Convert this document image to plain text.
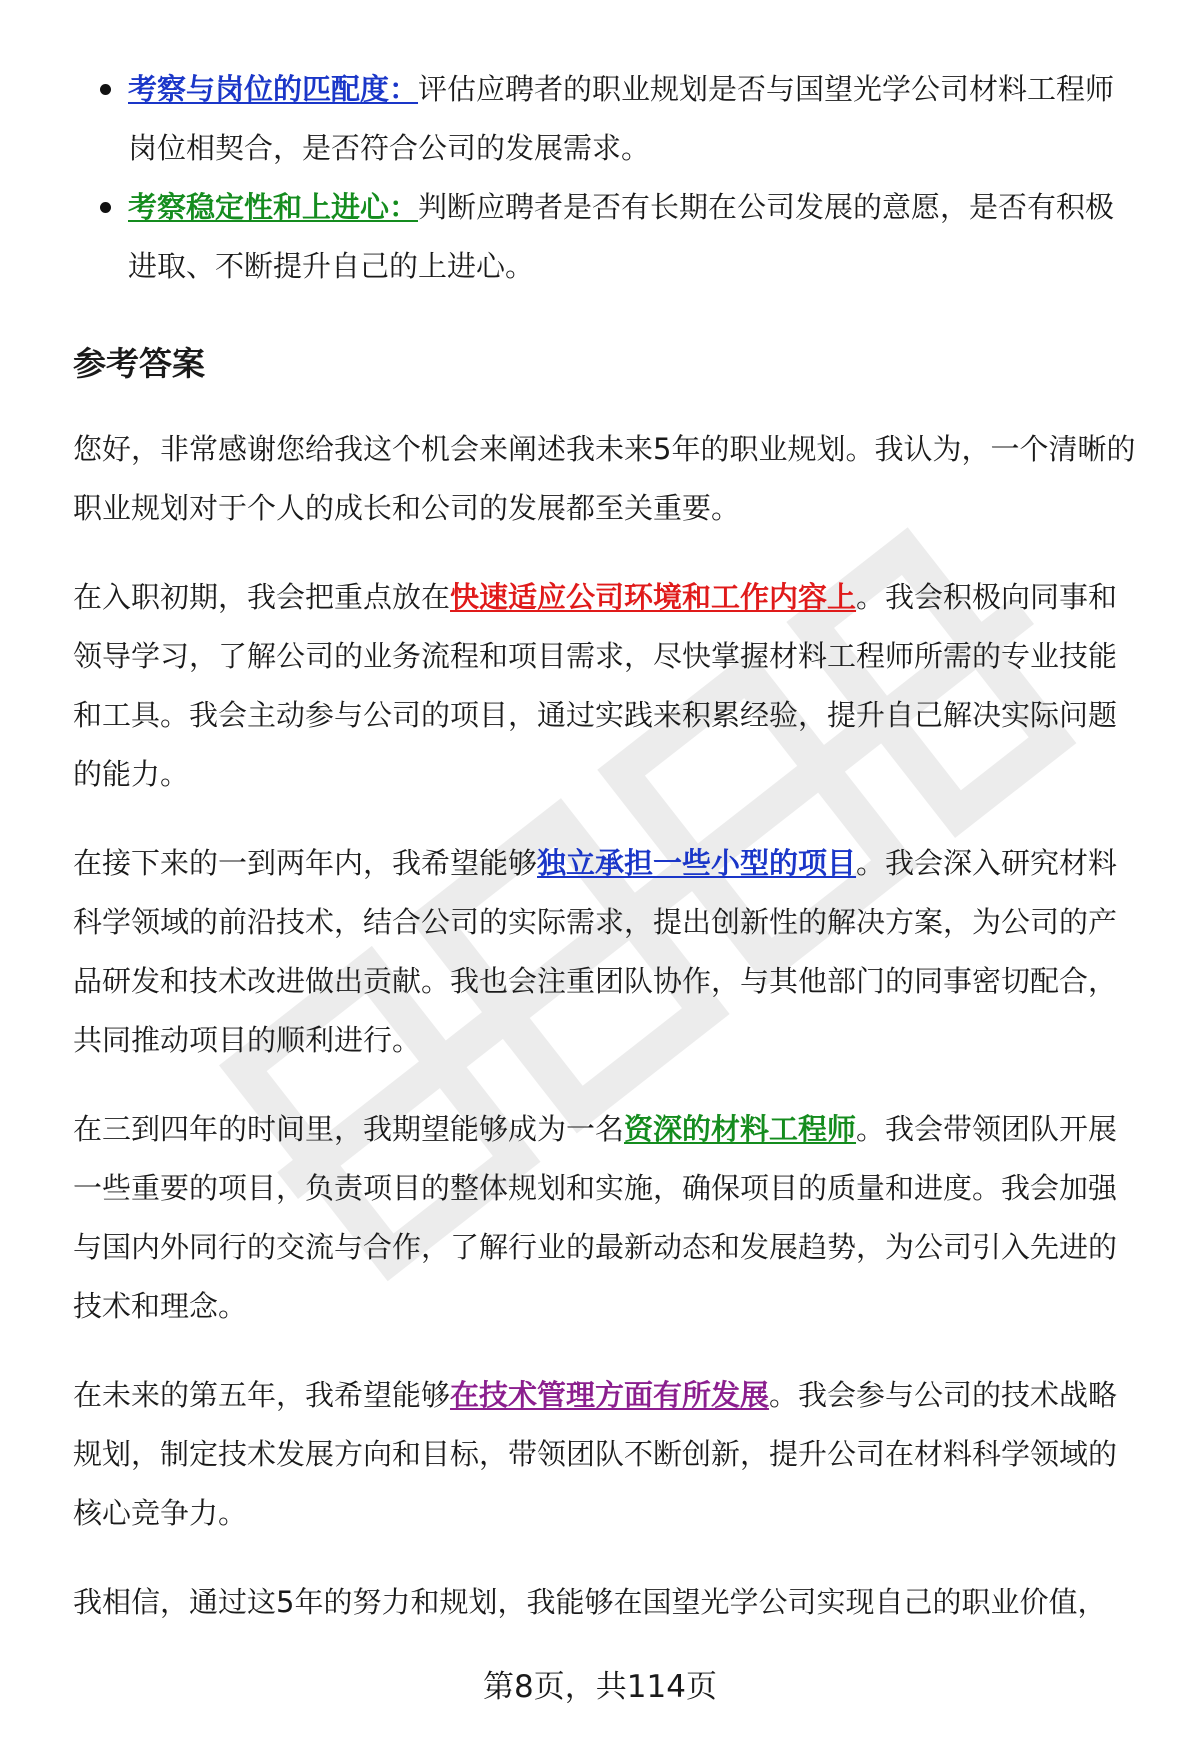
考察与岗位的匹配度：评估应聘者的职业规划是否与国望光学公司材料工程师岗位相契合，是否符合公司的发展需求。
考察稳定性和上进心：判断应聘者是否有长期在公司发展的意愿，是否有积极进取、不断提升自己的上进心。
参考答案

您好，非常感谢您给我这个机会来阐述我未来5年的职业规划。我认为，一个清晰的职业规划对于个人的成长和公司的发展都至关重要。

在入职初期，我会把重点放在快速适应公司环境和工作内容上。我会积极向同事和领导学习，了解公司的业务流程和项目需求，尽快掌握材料工程师所需的专业技能和工具。我会主动参与公司的项目，通过实践来积累经验，提升自己解决实际问题的能力。

在接下来的一到两年内，我希望能够独立承担一些小型的项目。我会深入研究材料科学领域的前沿技术，结合公司的实际需求，提出创新性的解决方案，为公司的产品研发和技术改进做出贡献。我也会注重团队协作，与其他部门的同事密切配合，共同推动项目的顺利进行。

在三到四年的时间里，我期望能够成为一名资深的材料工程师。我会带领团队开展一些重要的项目，负责项目的整体规划和实施，确保项目的质量和进度。我会加强与国内外同行的交流与合作，了解行业的最新动态和发展趋势，为公司引入先进的技术和理念。

在未来的第五年，我希望能够在技术管理方面有所发展。我会参与公司的技术战略规划，制定技术发展方向和目标，带领团队不断创新，提升公司在材料科学领域的核心竞争力。

我相信，通过这5年的努力和规划，我能够在国望光学公司实现自己的职业价值，

第8页，共114页
